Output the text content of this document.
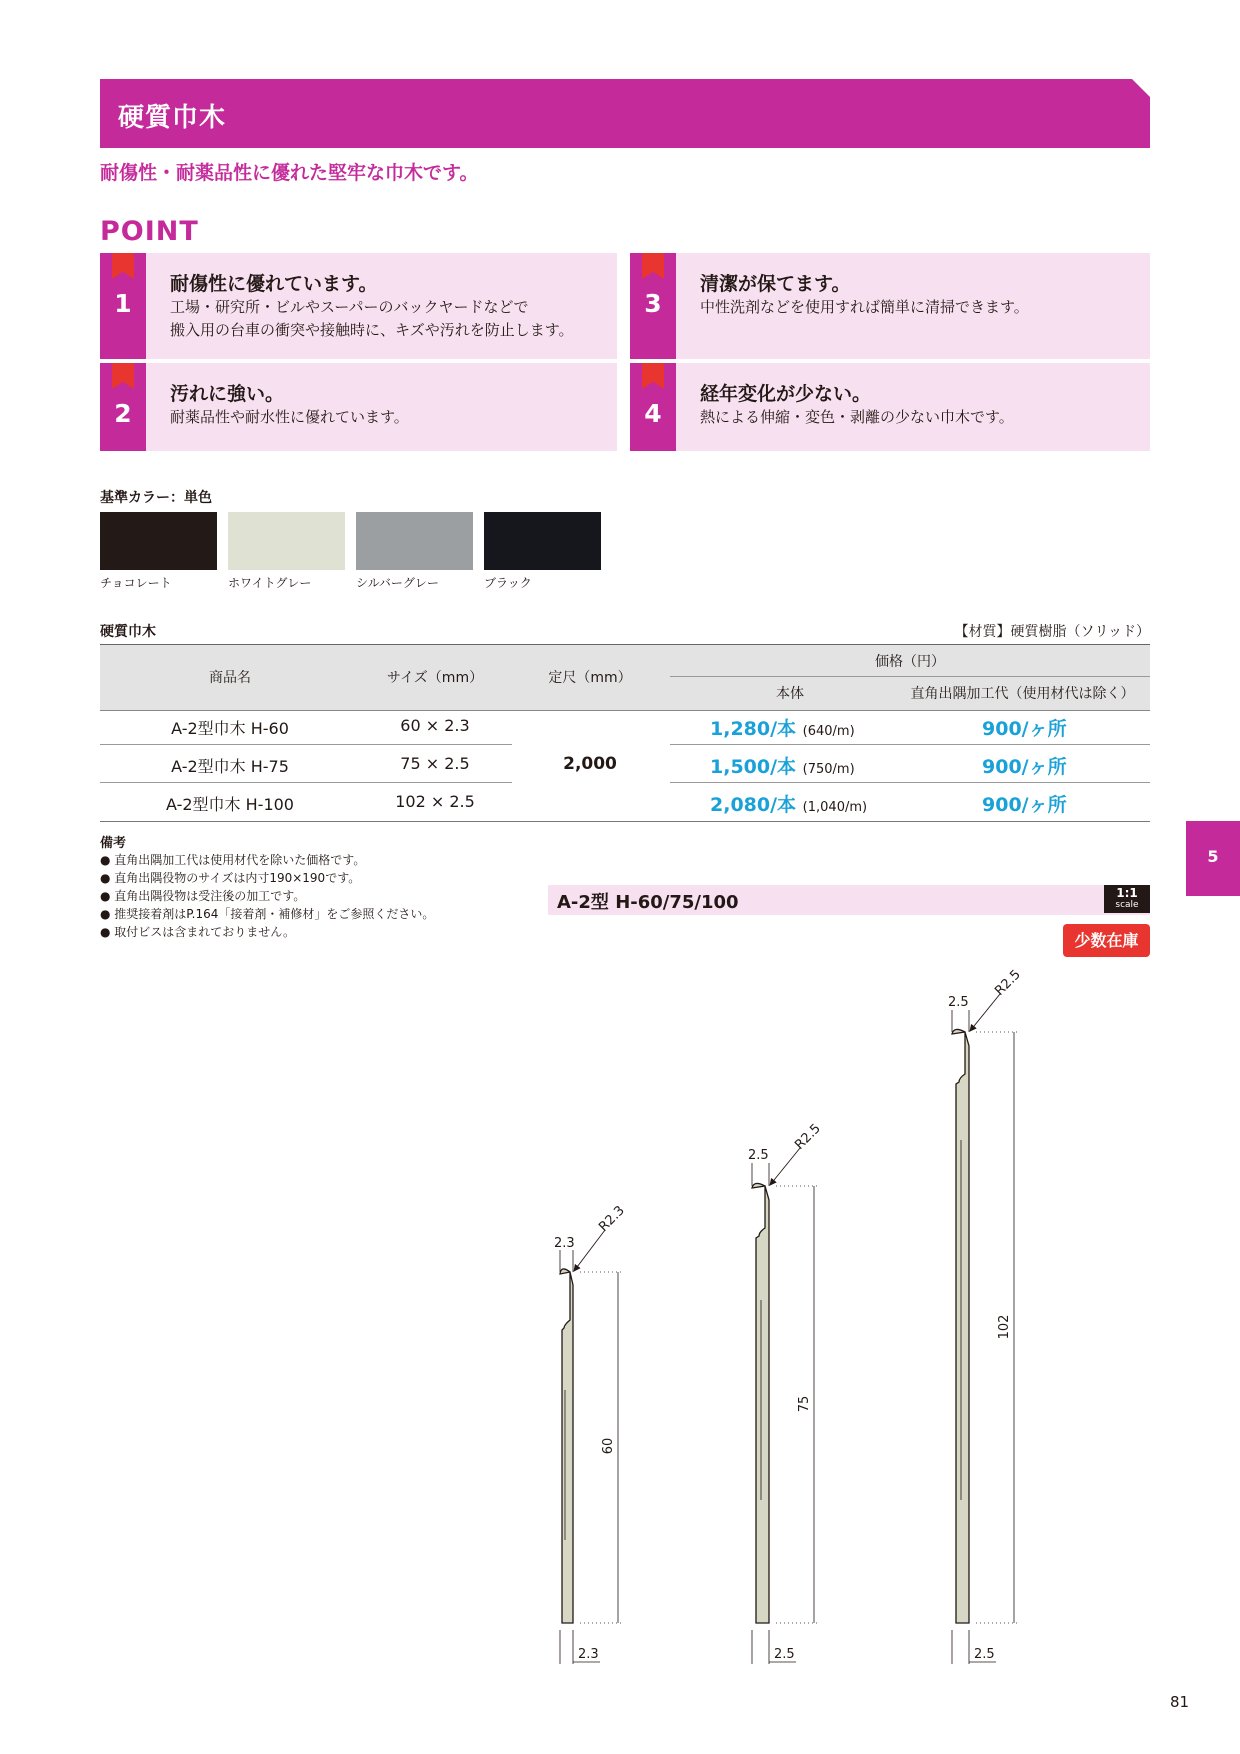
硬質巾木
耐傷性・耐薬品性に優れた堅牢な巾木です。
POINT
1
耐傷性に優れています。
工場・研究所・ビルやスーパーのバックヤードなどで
搬入用の台車の衝突や接触時に、キズや汚れを防止します。
3
清潔が保てます。
中性洗剤などを使用すれば簡単に清掃できます。
2
汚れに強い。
耐薬品性や耐水性に優れています。	4
経年変化が少ない。
熱による伸縮・変色・剥離の少ない巾木です。
基準カラー：単色
チョコレート	ホワイトグレー	シルバーグレー	ブラック
硬質巾木	【材質】硬質樹脂（ソリッド）
商品名	サイズ（mm）	定尺（mm）
価格（円）
本体	直角出隅加工代（使用材代は除く）
A-2型巾木 H-60	60 × 2.3	1,280/本 (640/m)	900/ヶ所
A-2型巾木 H-75	75 × 2.5	1,500/本 (750/m)	900/ヶ所
A-2型巾木 H-100	102 × 2.5	2,080/本 (1,040/m)	900/ヶ所
2,000
備考
● 直角出隅加工代は使用材代を除いた価格です。
● 直角出隅役物のサイズは内寸190×190です。
● 直角出隅役物は受注後の加工です。
● 推奨接着剤はP.164「接着剤・補修材」をご参照ください。
● 取付ビスは含まれておりません。
5
A-2型 H-60/75/100	1:1
scale
少数在庫
2.3
R2.3
60
2.3
2.5
R2.5
75
2.5
2.5
R2.5
102
2.5
81
